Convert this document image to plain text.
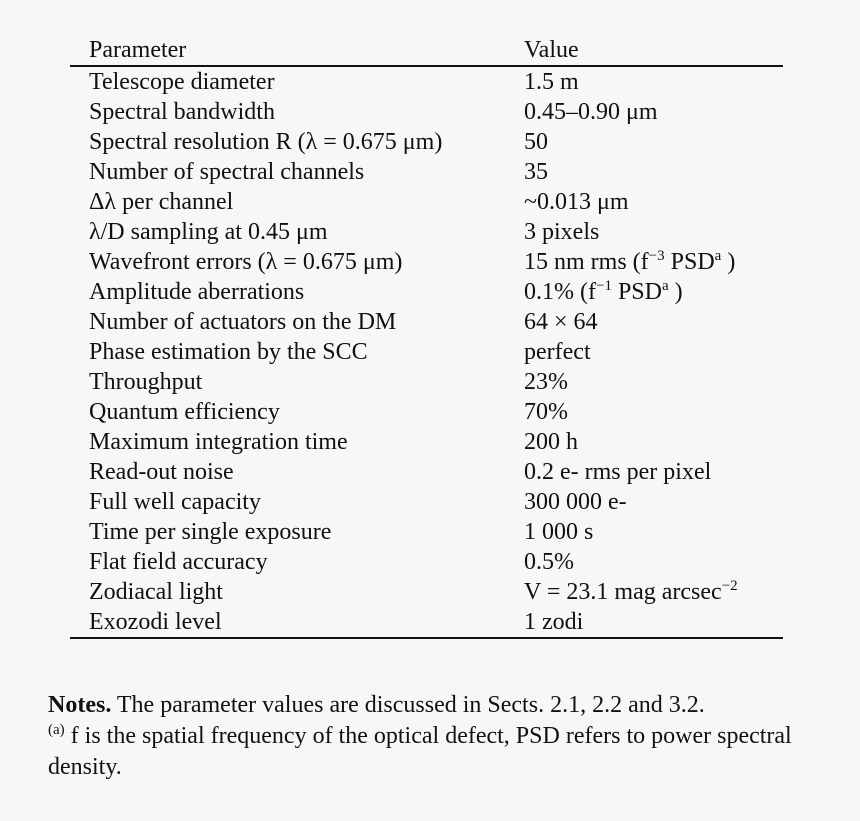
Parameter	Value
Telescope diameter	1.5 m
Spectral bandwidth	0.45–0.90 μm
Spectral resolution R (λ = 0.675 μm)	50
Number of spectral channels	35
Δλ per channel	~0.013 μm
λ/D sampling at 0.45 μm	3 pixels
Wavefront errors (λ = 0.675 μm)	15 nm rms ($f^{-3}$ PSD$^a$ )
Amplitude aberrations	0.1% ($f^{-1}$ PSD$^a$ )
Number of actuators on the DM	64 × 64
Phase estimation by the SCC	perfect
Throughput	23%
Quantum efficiency	70%
Maximum integration time	200 h
Read-out noise	0.2 e- rms per pixel
Full well capacity	300 000 e-
Time per single exposure	1 000 s
Flat field accuracy	0.5%
Zodiacal light	V = 23.1 mag arcsec$^{-2}$
Exozodi level	1 zodi

Notes. The parameter values are discussed in Sects. 2.1, 2.2 and 3.2.

$^{(a)}$ f is the spatial frequency of the optical defect, PSD refers to power spectral density.
